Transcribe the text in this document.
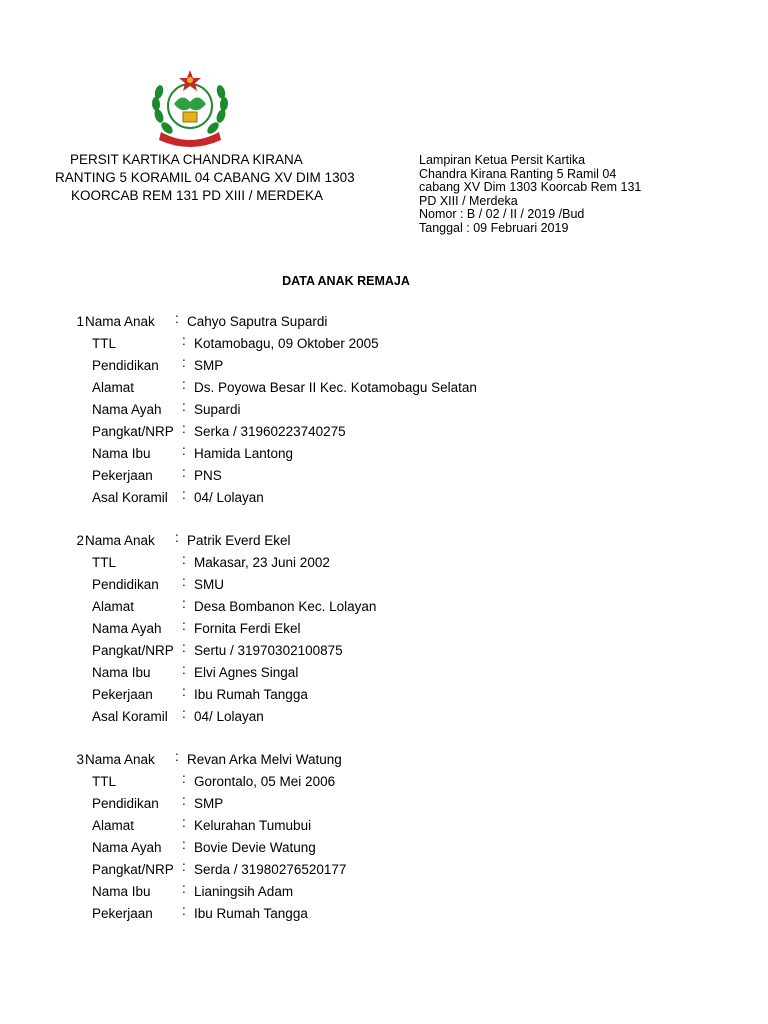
PERSIT KARTIKA CHANDRA KIRANA
RANTING 5 KORAMIL 04 CABANG XV DIM 1303
KOORCAB REM 131 PD XIII / MERDEKA
Lampiran Ketua Persit Kartika
Chandra Kirana Ranting 5 Ramil 04
cabang XV Dim 1303 Koorcab Rem 131
PD XIII / Merdeka
Nomor : B / 02 / II / 2019 /Bud
Tanggal : 09 Februari 2019
DATA ANAK REMAJA
1 Nama Anak	: Cahyo Saputra Supardi
TTL	: Kotamobagu, 09 Oktober 2005
Pendidikan	: SMP
Alamat	: Ds. Poyowa Besar II Kec. Kotamobagu Selatan
Nama Ayah	: Supardi
Pangkat/NRP : Serka / 31960223740275
Nama Ibu	: Hamida Lantong
Pekerjaan	: PNS
Asal Koramil	: 04/ Lolayan
2 Nama Anak	: Patrik Everd Ekel
TTL	: Makasar, 23 Juni 2002
Pendidikan	: SMU
Alamat	: Desa Bombanon Kec. Lolayan
Nama Ayah	: Fornita Ferdi Ekel
Pangkat/NRP : Sertu / 31970302100875
Nama Ibu	: Elvi Agnes Singal
Pekerjaan	: Ibu Rumah Tangga
Asal Koramil	: 04/ Lolayan
3 Nama Anak	: Revan Arka Melvi Watung
TTL	: Gorontalo, 05 Mei 2006
Pendidikan	: SMP
Alamat	: Kelurahan Tumubui
Nama Ayah	: Bovie Devie Watung
Pangkat/NRP : Serda / 31980276520177
Nama Ibu	: Lianingsih Adam
Pekerjaan	: Ibu Rumah Tangga
